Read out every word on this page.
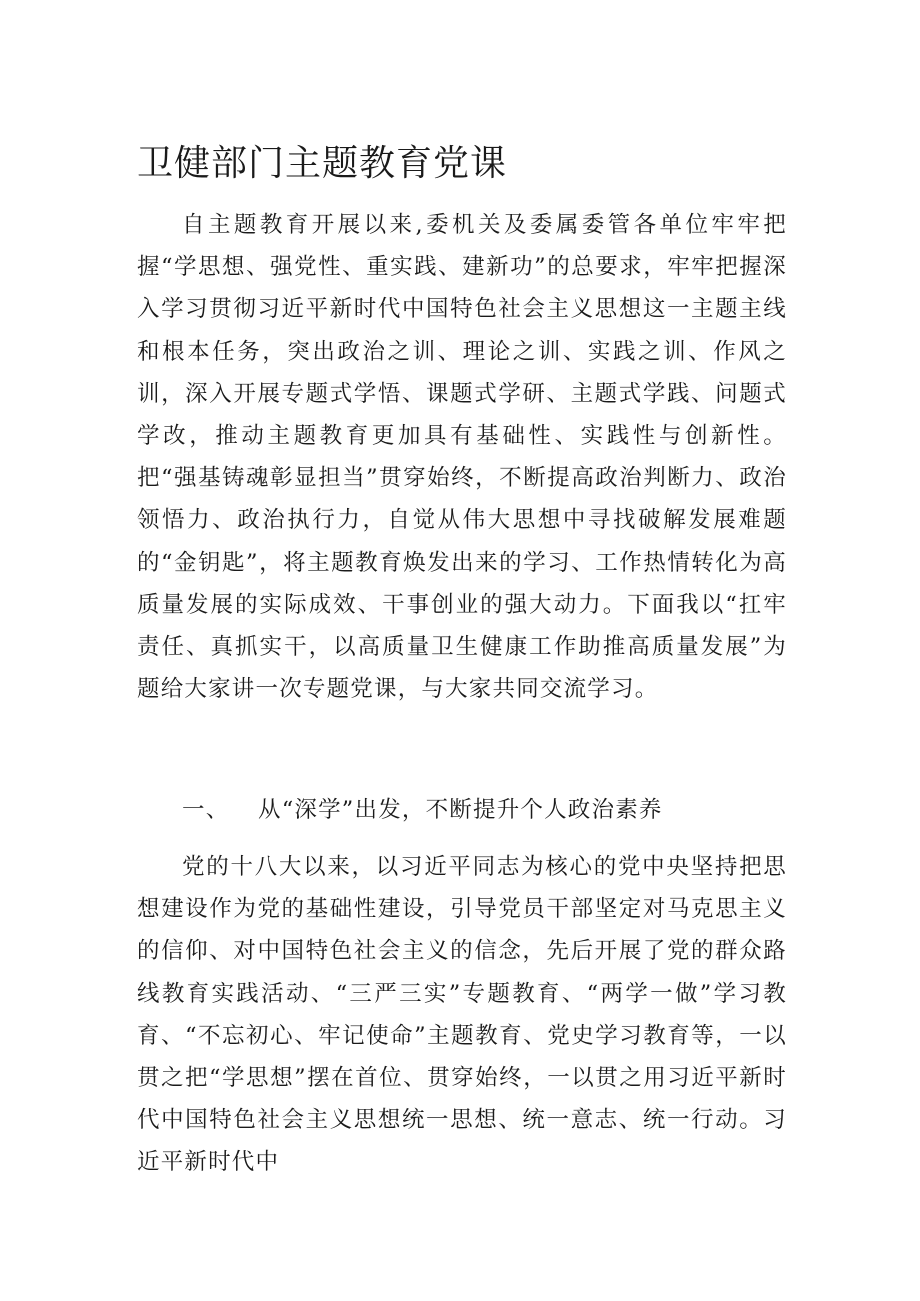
卫健部门主题教育党课

自主题教育开展以来,委机关及委属委管各单位牢牢把握“学思想、强党性、重实践、建新功”的总要求，牢牢把握深入学习贯彻习近平新时代中国特色社会主义思想这一主题主线和根本任务，突出政治之训、理论之训、实践之训、作风之训，深入开展专题式学悟、课题式学研、主题式学践、问题式学改，推动主题教育更加具有基础性、实践性与创新性。把“强基铸魂彰显担当”贯穿始终，不断提高政治判断力、政治领悟力、政治执行力，自觉从伟大思想中寻找破解发展难题的“金钥匙”，将主题教育焕发出来的学习、工作热情转化为高质量发展的实际成效、干事创业的强大动力。下面我以“扛牢责任、真抓实干，以高质量卫生健康工作助推高质量发展”为题给大家讲一次专题党课，与大家共同交流学习。

一、 从“深学”出发，不断提升个人政治素养

党的十八大以来，以习近平同志为核心的党中央坚持把思想建设作为党的基础性建设，引导党员干部坚定对马克思主义的信仰、对中国特色社会主义的信念，先后开展了党的群众路线教育实践活动、“三严三实”专题教育、“两学一做”学习教育、“不忘初心、牢记使命”主题教育、党史学习教育等，一以贯之把“学思想”摆在首位、贯穿始终，一以贯之用习近平新时代中国特色社会主义思想统一思想、统一意志、统一行动。习近平新时代中
